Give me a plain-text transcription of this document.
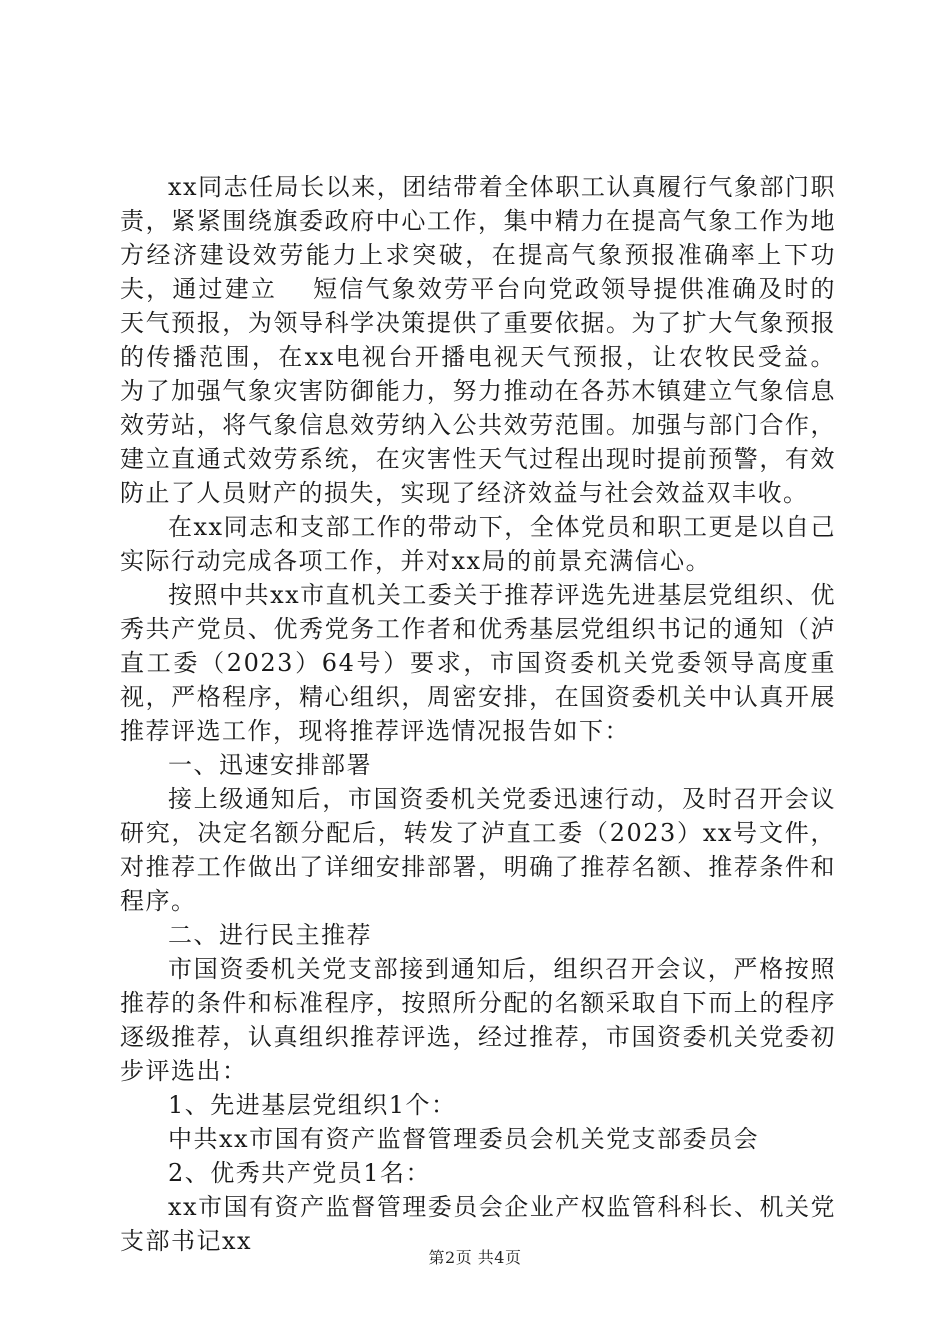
xx同志任局长以来，团结带着全体职工认真履行气象部门职责，紧紧围绕旗委政府中心工作，集中精力在提高气象工作为地方经济建设效劳能力上求突破，在提高气象预报准确率上下功夫，通过建立　 短信气象效劳平台向党政领导提供准确及时的天气预报，为领导科学决策提供了重要依据。为了扩大气象预报的传播范围，在xx电视台开播电视天气预报，让农牧民受益。为了加强气象灾害防御能力，努力推动在各苏木镇建立气象信息效劳站，将气象信息效劳纳入公共效劳范围。加强与部门合作，建立直通式效劳系统，在灾害性天气过程出现时提前预警，有效防止了人员财产的损失，实现了经济效益与社会效益双丰收。

在xx同志和支部工作的带动下，全体党员和职工更是以自己实际行动完成各项工作，并对xx局的前景充满信心。

按照中共xx市直机关工委关于推荐评选先进基层党组织、优秀共产党员、优秀党务工作者和优秀基层党组织书记的通知（泸直工委（2023）64号）要求，市国资委机关党委领导高度重视，严格程序，精心组织，周密安排，在国资委机关中认真开展推荐评选工作，现将推荐评选情况报告如下：

一、迅速安排部署

接上级通知后，市国资委机关党委迅速行动，及时召开会议研究，决定名额分配后，转发了泸直工委（2023）xx号文件，对推荐工作做出了详细安排部署，明确了推荐名额、推荐条件和程序。

二、进行民主推荐

市国资委机关党支部接到通知后，组织召开会议，严格按照推荐的条件和标准程序，按照所分配的名额采取自下而上的程序逐级推荐，认真组织推荐评选，经过推荐，市国资委机关党委初步评选出：

1、先进基层党组织1个：

中共xx市国有资产监督管理委员会机关党支部委员会

2、优秀共产党员1名：

xx市国有资产监督管理委员会企业产权监管科科长、机关党支部书记xx

第2页 共4页
